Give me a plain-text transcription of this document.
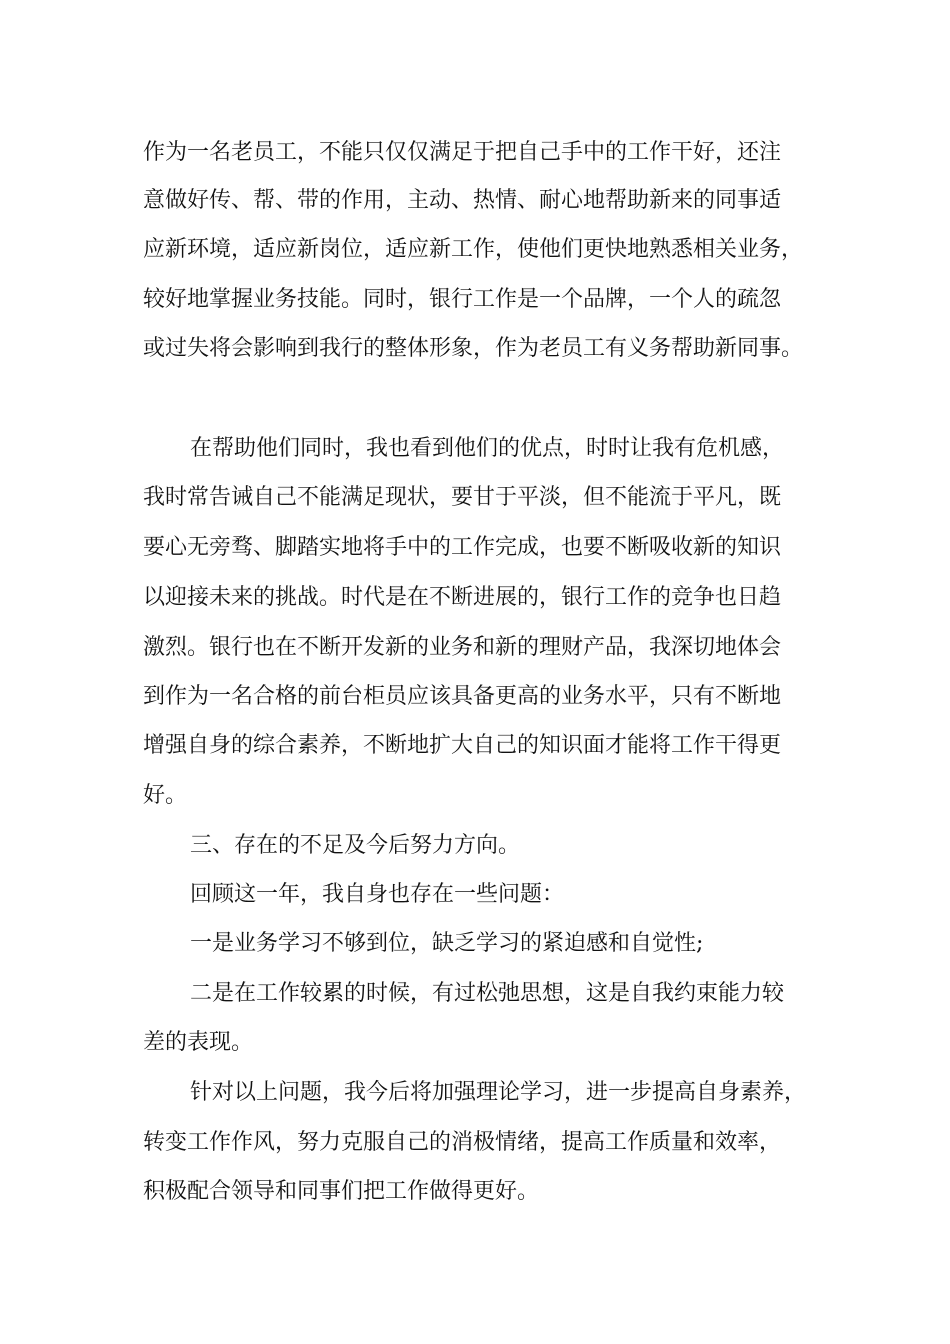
作为一名老员工，不能只仅仅满足于把自己手中的工作干好，还注

意做好传、帮、带的作用，主动、热情、耐心地帮助新来的同事适

应新环境，适应新岗位，适应新工作，使他们更快地熟悉相关业务，

较好地掌握业务技能。同时，银行工作是一个品牌，一个人的疏忽

或过失将会影响到我行的整体形象，作为老员工有义务帮助新同事。

在帮助他们同时，我也看到他们的优点，时时让我有危机感，

我时常告诫自己不能满足现状，要甘于平淡，但不能流于平凡，既

要心无旁骛、脚踏实地将手中的工作完成，也要不断吸收新的知识

以迎接未来的挑战。时代是在不断进展的，银行工作的竞争也日趋

激烈。银行也在不断开发新的业务和新的理财产品，我深切地体会

到作为一名合格的前台柜员应该具备更高的业务水平，只有不断地

增强自身的综合素养，不断地扩大自己的知识面才能将工作干得更

好。

三、存在的不足及今后努力方向。

回顾这一年，我自身也存在一些问题：

一是业务学习不够到位，缺乏学习的紧迫感和自觉性;

二是在工作较累的时候，有过松弛思想，这是自我约束能力较

差的表现。

针对以上问题，我今后将加强理论学习，进一步提高自身素养，

转变工作作风，努力克服自己的消极情绪，提高工作质量和效率，

积极配合领导和同事们把工作做得更好。
